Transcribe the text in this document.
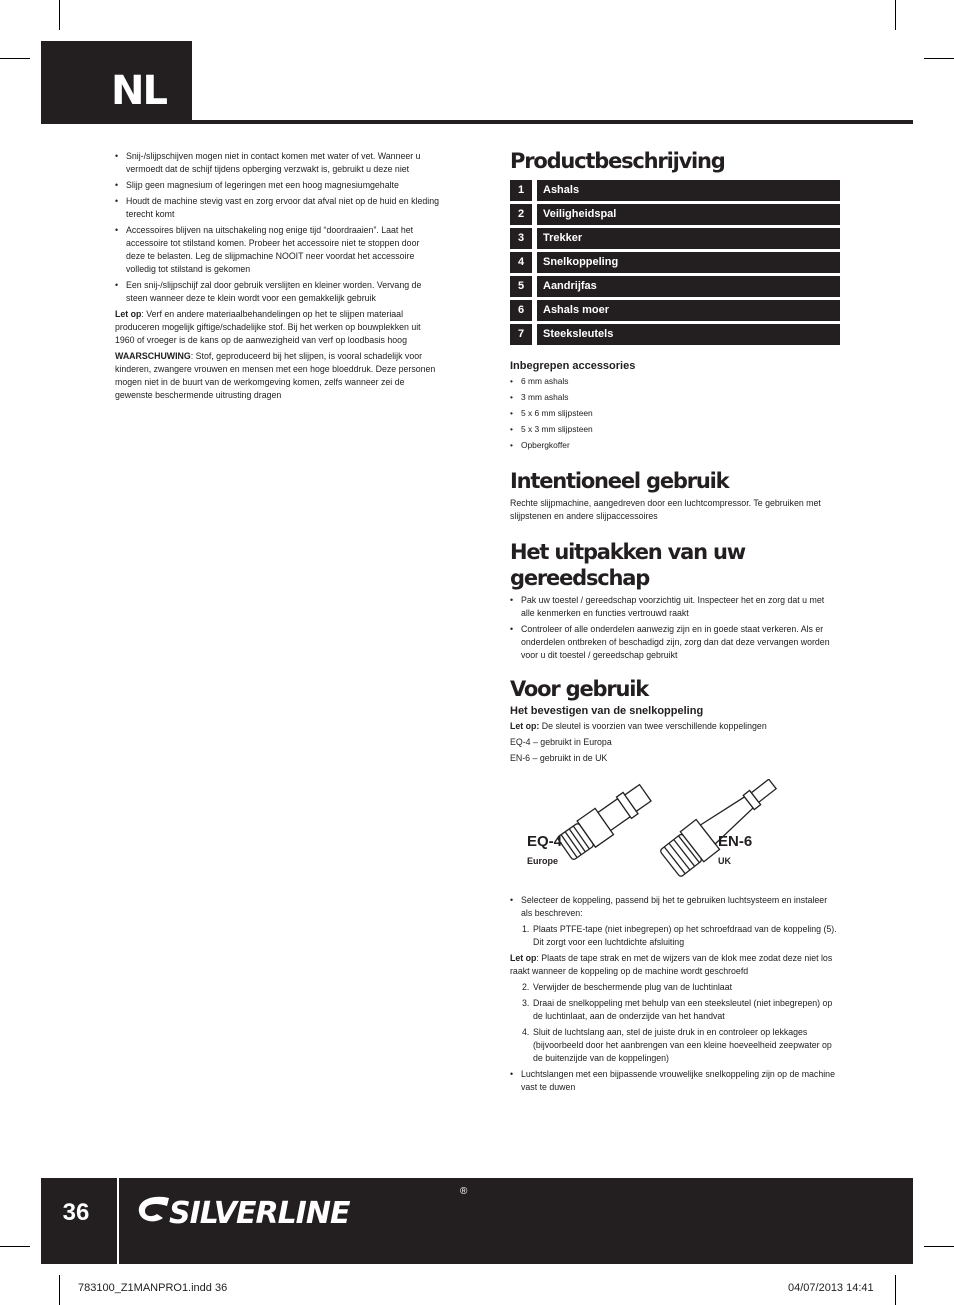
NL
• Snij-/slijpschijven mogen niet in contact komen met water of vet. Wanneer u vermoedt dat de schijf tijdens opberging verzwakt is, gebruikt u deze niet
• Slijp geen magnesium of legeringen met een hoog magnesiumgehalte
• Houdt de machine stevig vast en zorg ervoor dat afval niet op de huid en kleding terecht komt
• Accessoires blijven na uitschakeling nog enige tijd “doordraaien”. Laat het accessoire tot stilstand komen. Probeer het accessoire niet te stoppen door deze te belasten. Leg de slijpmachine NOOIT neer voordat het accessoire volledig tot stilstand is gekomen
• Een snij-/slijpschijf zal door gebruik verslijten en kleiner worden. Vervang de steen wanneer deze te klein wordt voor een gemakkelijk gebruik

Let op: Verf en andere materiaalbehandelingen op het te slijpen materiaal produceren mogelijk giftige/schadelijke stof. Bij het werken op bouwplekken uit 1960 of vroeger is de kans op de aanwezigheid van verf op loodbasis hoog

WAARSCHUWING: Stof, geproduceerd bij het slijpen, is vooral schadelijk voor kinderen, zwangere vrouwen en mensen met een hoge bloeddruk. Deze personen mogen niet in de buurt van de werkomgeving komen, zelfs wanneer zei de gewenste beschermende uitrusting dragen

Productbeschrijving
1	Ashals
2	Veiligheidspal
3	Trekker
4	Snelkoppeling
5	Aandrijfas
6	Ashals moer
7	Steeksleutels
Inbegrepen accessories
• 6 mm ashals
• 3 mm ashals
• 5 x 6 mm slijpsteen
• 5 x 3 mm slijpsteen
• Opbergkoffer
Intentioneel gebruik

Rechte slijpmachine, aangedreven door een luchtcompressor. Te gebruiken met slijpstenen en andere slijpaccessoires

Het uitpakken van uw
gereedschap
• Pak uw toestel / gereedschap voorzichtig uit. Inspecteer het en zorg dat u met alle kenmerken en functies vertrouwd raakt
• Controleer of alle onderdelen aanwezig zijn en in goede staat verkeren. Als er onderdelen ontbreken of beschadigd zijn, zorg dan dat deze vervangen worden voor u dit toestel / gereedschap gebruikt
Voor gebruik
Het bevestigen van de snelkoppeling

Let op: De sleutel is voorzien van twee verschillende koppelingen

EQ-4 – gebruikt in Europa

EN-6 – gebruikt in de UK

EQ-4
Europe
EN-6
UK
• Selecteer de koppeling, passend bij het te gebruiken luchtsysteem en instaleer als beschreven:
1. Plaats PTFE-tape (niet inbegrepen) op het schroefdraad van de koppeling (5). Dit zorgt voor een luchtdichte afsluiting

Let op: Plaats de tape strak en met de wijzers van de klok mee zodat deze niet los raakt wanneer de koppeling op de machine wordt geschroefd

2. Verwijder de beschermende plug van de luchtinlaat
3. Draai de snelkoppeling met behulp van een steeksleutel (niet inbegrepen) op de luchtinlaat, aan de onderzijde van het handvat
4. Sluit de luchtslang aan, stel de juiste druk in en controleer op lekkages (bijvoorbeeld door het aanbrengen van een kleine hoeveelheid zeepwater op de buitenzijde van de koppelingen)
• Luchtslangen met een bijpassende vrouwelijke snelkoppeling zijn op de machine vast te duwen
36	SILVERLINE
®
783100_Z1MANPRO1.indd 36	04/07/2013 14:41
